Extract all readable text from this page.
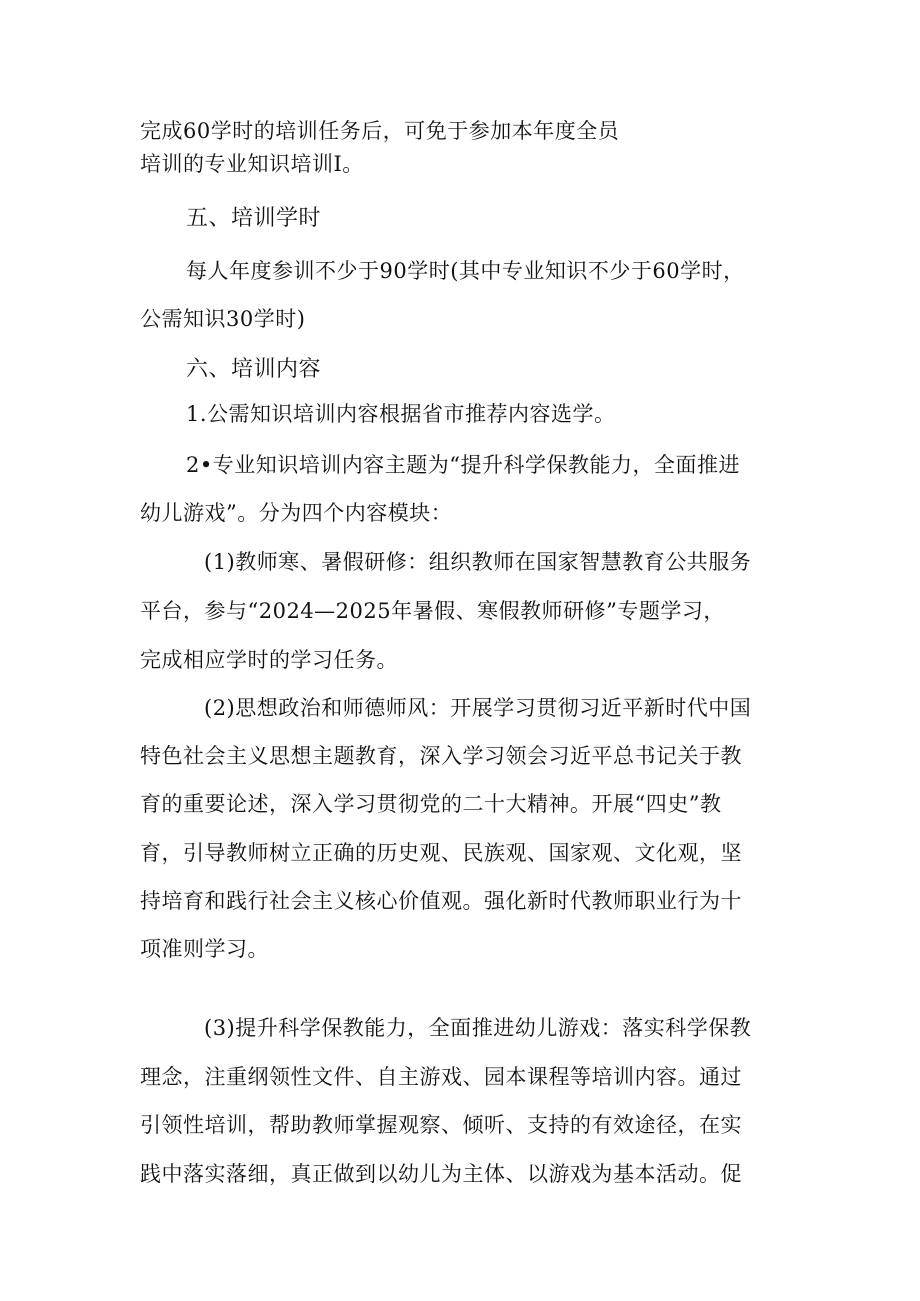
完成60学时的培训任务后，可免于参加本年度全员
培训的专业知识培训Ⅰ。
五、培训学时
每人年度参训不少于90学时(其中专业知识不少于60学时，
公需知识30学时)
六、培训内容
1.公需知识培训内容根据省市推荐内容选学。
2•专业知识培训内容主题为“提升科学保教能力，全面推进
幼儿游戏”。分为四个内容模块：
(1)教师寒、暑假研修：组织教师在国家智慧教育公共服务
平台，参与“2024—2025年暑假、寒假教师研修”专题学习，
完成相应学时的学习任务。
(2)思想政治和师德师风：开展学习贯彻习近平新时代中国
特色社会主义思想主题教育，深入学习领会习近平总书记关于教
育的重要论述，深入学习贯彻党的二十大精神。开展“四史”教
育，引导教师树立正确的历史观、民族观、国家观、文化观，坚
持培育和践行社会主义核心价值观。强化新时代教师职业行为十
项准则学习。
(3)提升科学保教能力，全面推进幼儿游戏：落实科学保教
理念，注重纲领性文件、自主游戏、园本课程等培训内容。通过
引领性培训，帮助教师掌握观察、倾听、支持的有效途径，在实
践中落实落细，真正做到以幼儿为主体、以游戏为基本活动。促
